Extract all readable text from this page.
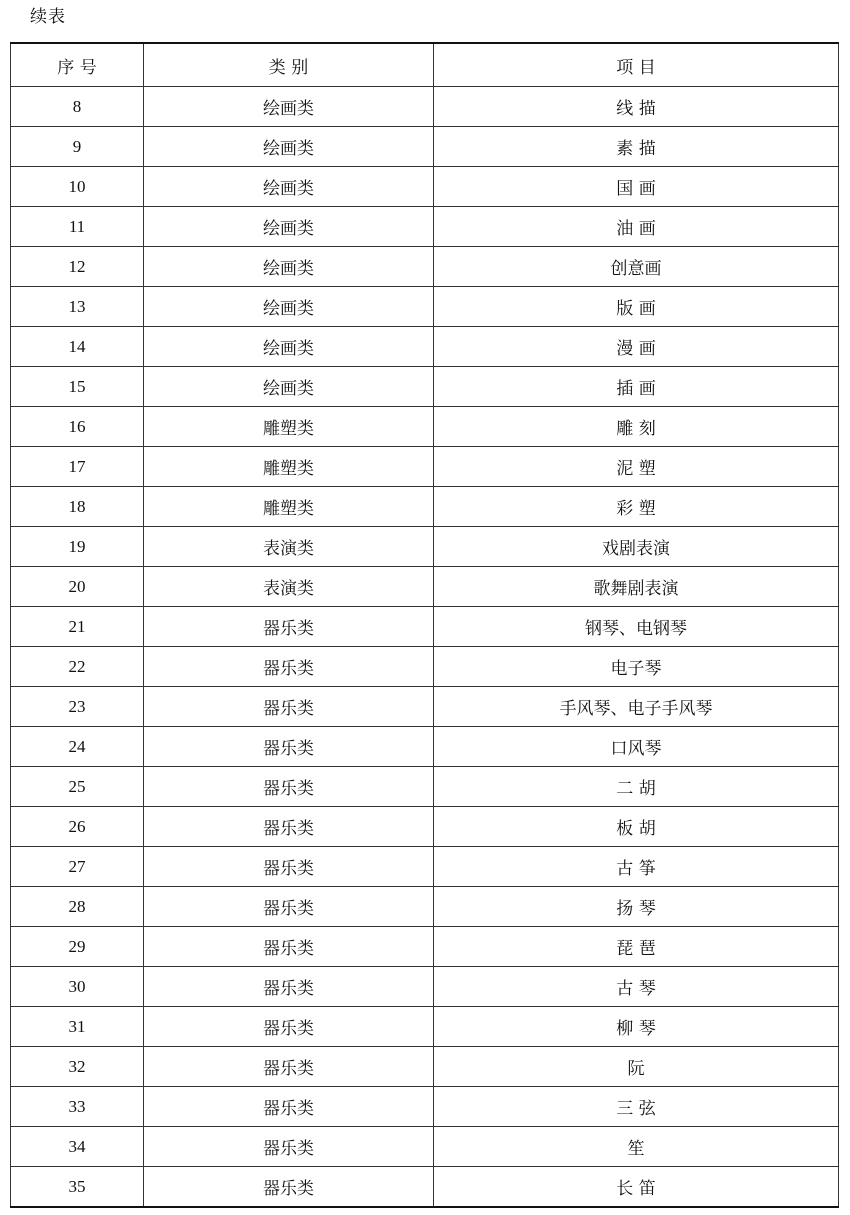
续表
序 号	类 别	项 目
8	绘画类	线 描
9	绘画类	素 描
10	绘画类	国 画
11	绘画类	油 画
12	绘画类	创意画
13	绘画类	版 画
14	绘画类	漫 画
15	绘画类	插 画
16	雕塑类	雕 刻
17	雕塑类	泥 塑
18	雕塑类	彩 塑
19	表演类	戏剧表演
20	表演类	歌舞剧表演
21	器乐类	钢琴、电钢琴
22	器乐类	电子琴
23	器乐类	手风琴、电子手风琴
24	器乐类	口风琴
25	器乐类	二 胡
26	器乐类	板 胡
27	器乐类	古 筝
28	器乐类	扬 琴
29	器乐类	琵 琶
30	器乐类	古 琴
31	器乐类	柳 琴
32	器乐类	阮
33	器乐类	三 弦
34	器乐类	笙
35	器乐类	长 笛
